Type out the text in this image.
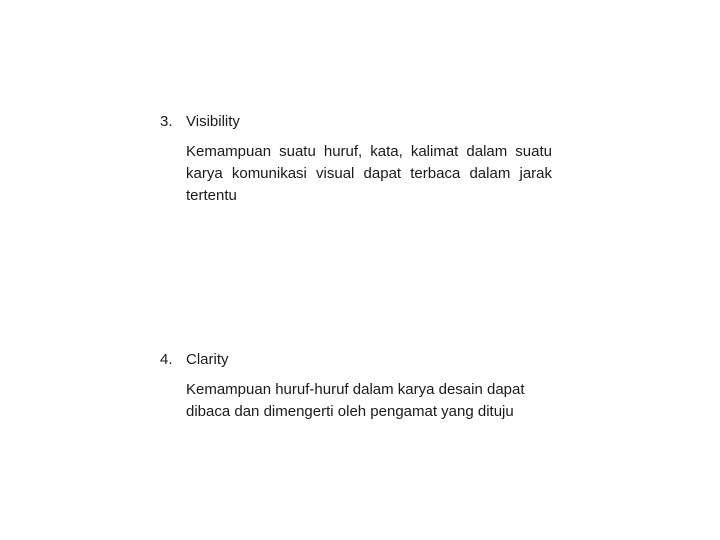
3. Visibility
Kemampuan suatu huruf, kata, kalimat dalam suatu karya komunikasi visual dapat terbaca dalam jarak tertentu
4. Clarity
Kemampuan huruf-huruf dalam karya desain dapat dibaca dan dimengerti oleh pengamat yang dituju
